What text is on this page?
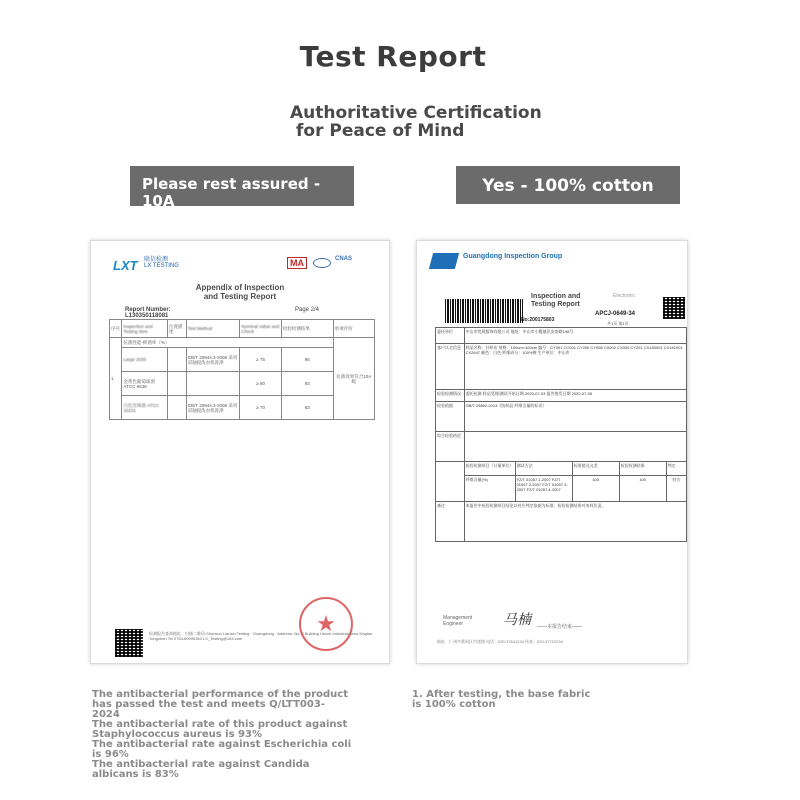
Test Report
Authoritative Certification
for Peace of Mind
Please rest assured - 10A
level antibacterial
Yes - 100% cotton
LXT 联信检测
LX TESTING	MA	CNAS
Appendix of Inspection
and Testing Report
Report Number:
L130350118081
Page 2/4
序号	Inspection and Testing Item	位置描述	Test Method	Nominal Value and Check	检验检测结果	单项评价
1	抗菌性能-抑菌率（%）					抗菌效果符合10A级
	Large 2030		GB/T 20944.3-2008 采用双轴搅洗衣机洗涤	≥ 75	96	
	金黄色葡萄球菌 ATCC 6538			≥ 80	93	
	白色念珠菌 ATCC 10231		GB/T 20944.3-2008 采用双轴搅洗衣机洗涤	≥ 70	83	
★
检测报告查询地址：扫描二维码 Shunkou Lianxin Testing · Guangdong · Address: No. 9 Building Huixin Industrial Area Xinqiao Yongzhen Tel 0754-89090363 LX_Testing@163.com
Guangdong Inspection Group
Inspection and
Testing Report
Electronic
APCJ-0649-34
No:200175803
共1页 第1页
委托单位	中山市优规服饰有限公司 地址：中山市小榄镇民安南路198号				
客户认定信息	样品名称：针织布 规格：100cm×100cm 编号：CY001 CC001 CY200 CY008 CX002 CX000 CY201 CX180001 CX181001 CX2647 颜色：白色 纤维成分：100%棉 生产单位：中山市				
检验检测情况	委托检测 样品受理/测试开始日期 2020-07-03 报告签发日期 2020-07-06				
检验依据	GB/T 29862-2013《纺织品 纤维含量的标识》				
综合检验结论					
	检验检测项目（计量单位）	测试方法	标准值及允差	检验检测结果	判定
	纤维含量(%)	FZ/T 01057.1-2007 FZ/T 01057.2-2007 FZ/T 01057.3-2007 FZ/T 01057.4-2007	100	100	符合
备注	本报告中检验检测项目结论以对应判定依据为标准；检验检测结果对来样负责。				
Management
Engineer	马楠 ——本报告结束——
地址：广州市番禺区市莲路 电话：020-37641234 传真：020-37721234

The antibacterial performance of the product has passed the test and meets Q/LTT003-2024

The antibacterial rate of this product against Staphylococcus aureus is 93%

The antibacterial rate against Escherichia coli is 96%

The antibacterial rate against Candida albicans is 83%

1. After testing, the base fabric is 100% cotton
